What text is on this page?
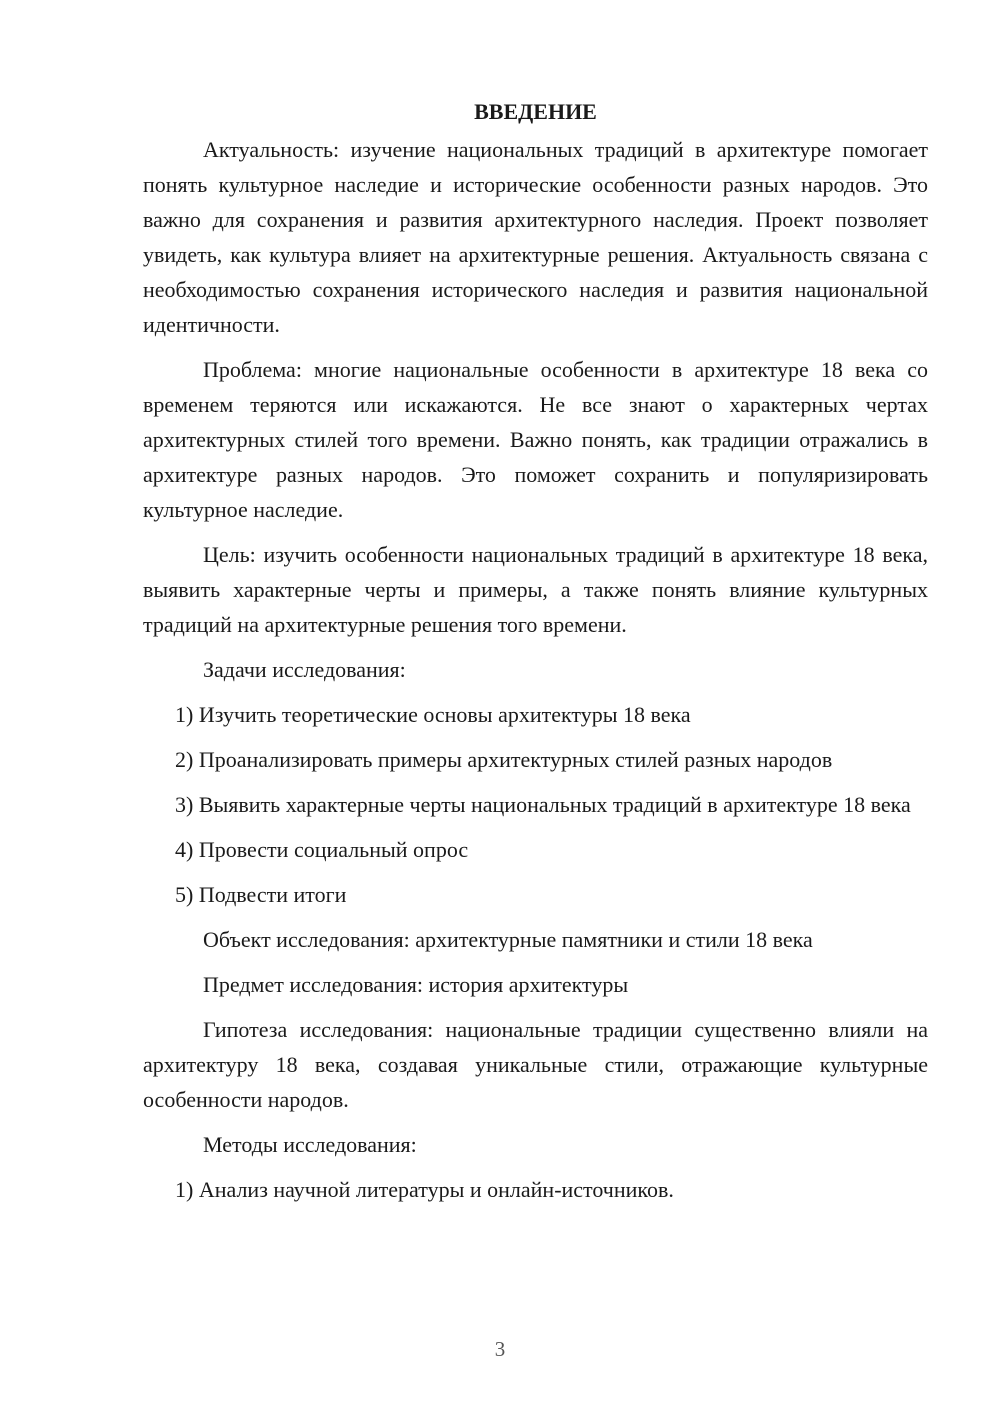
ВВЕДЕНИЕ

Актуальность: изучение национальных традиций в архитектуре помогает понять культурное наследие и исторические особенности разных народов. Это важно для сохранения и развития архитектурного наследия. Проект позволяет увидеть, как культура влияет на архитектурные решения. Актуальность связана с необходимостью сохранения исторического наследия и развития национальной идентичности.

Проблема: многие национальные особенности в архитектуре 18 века со временем теряются или искажаются. Не все знают о характерных чертах архитектурных стилей того времени. Важно понять, как традиции отражались в архитектуре разных народов. Это поможет сохранить и популяризировать культурное наследие.

Цель: изучить особенности национальных традиций в архитектуре 18 века, выявить характерные черты и примеры, а также понять влияние культурных традиций на архитектурные решения того времени.

Задачи исследования:

1) Изучить теоретические основы архитектуры 18 века

2) Проанализировать примеры архитектурных стилей разных народов

3) Выявить характерные черты национальных традиций в архитектуре 18 века

4) Провести социальный опрос

5) Подвести итоги

Объект исследования: архитектурные памятники и стили 18 века

Предмет исследования: история архитектуры

Гипотеза исследования: национальные традиции существенно влияли на архитектуру 18 века, создавая уникальные стили, отражающие культурные особенности народов.

Методы исследования:

1) Анализ научной литературы и онлайн-источников.

3
